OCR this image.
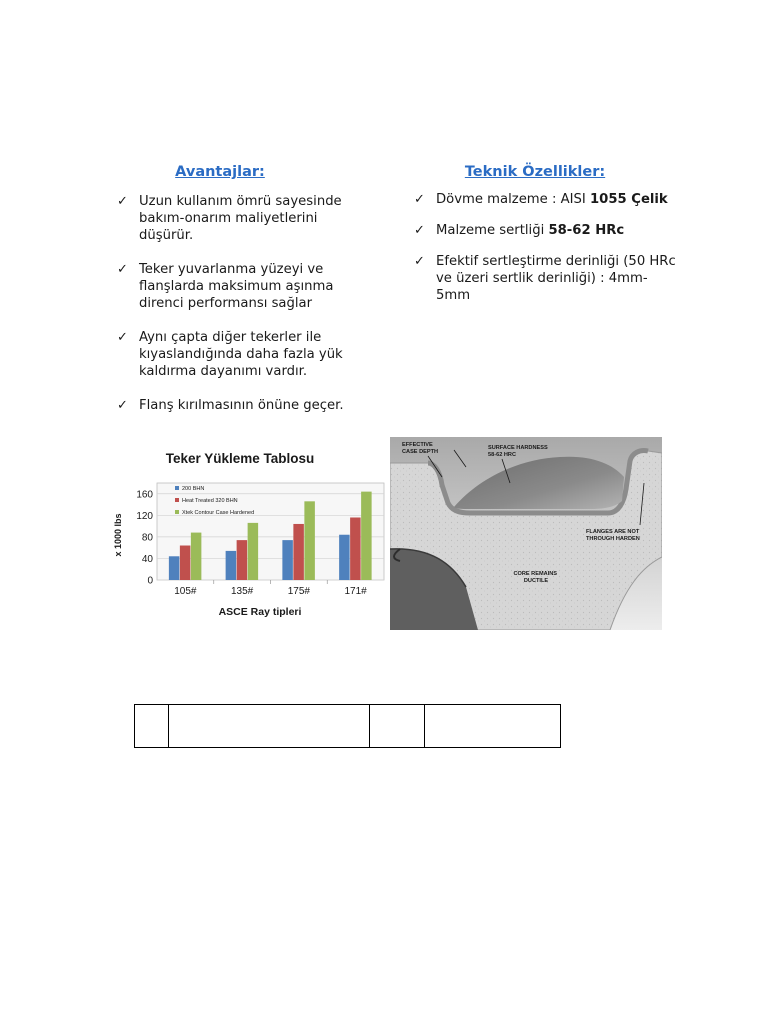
Avantajlar:
✓ Uzun kullanım ömrü sayesinde
bakım-onarım maliyetlerini
düşürür.
✓ Teker yuvarlanma yüzeyi ve
flanşlarda maksimum aşınma
direnci performansı sağlar
✓ Aynı çapta diğer tekerler ile
kıyaslandığında daha fazla yük
kaldırma dayanımı vardır.
✓ Flanş kırılmasının önüne geçer.
Teknik Özellikler:
✓ Dövme malzeme : AISI 1055 Çelik
✓ Malzeme sertliği 58-62 HRc
✓ Efektif sertleştirme derinliği (50 HRc
ve üzeri sertlik derinliği) : 4mm-
5mm
Teker Yükleme Tablosu
0
40
80
120
160
105#	135#	175#	171#
200 BHN
Heat Treated 320 BHN
Xtek Contour Case Hardened
x 1000 lbs
ASCE Ray tipleri
EFFECTIVE CASE DEPTH
SURFACE HARDNESS 58-62 HRC
FLANGES ARE NOT THROUGH HARDEN
CORE REMAINS DUCTILE
